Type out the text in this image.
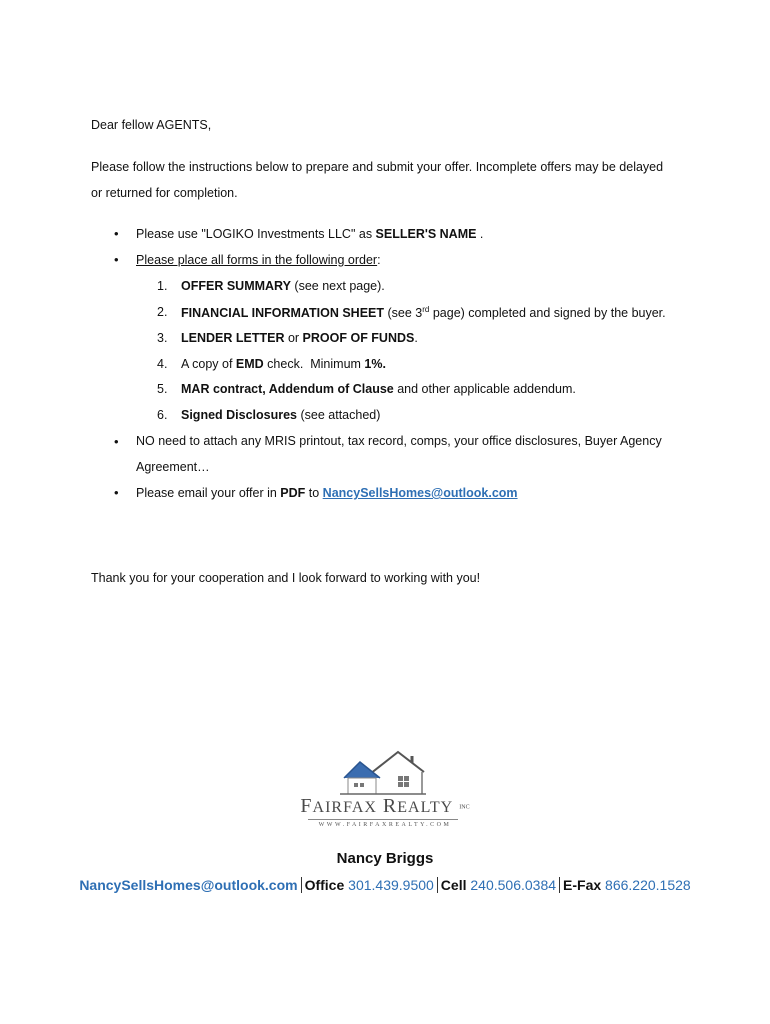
Dear fellow AGENTS,
Please follow the instructions below to prepare and submit your offer. Incomplete offers may be delayed
or returned for completion.
• Please use "LOGIKO Investments LLC" as SELLER'S NAME .
• Please place all forms in the following order:
1. OFFER SUMMARY (see next page).
2. FINANCIAL INFORMATION SHEET (see 3rd page) completed and signed by the buyer.
3. LENDER LETTER or PROOF OF FUNDS.
4. A copy of EMD check.  Minimum 1%.
5. MAR contract, Addendum of Clause and other applicable addendum.
6. Signed Disclosures (see attached)
• NO need to attach any MRIS printout, tax record, comps, your office disclosures, Buyer Agency
Agreement…
• Please email your offer in PDF to NancySellsHomes@outlook.com
Thank you for your cooperation and I look forward to working with you!
FAIRFAX REALTY INC
WWW.FAIRFAXREALTY.COM
Nancy Briggs
NancySellsHomes@outlook.com Office 301.439.9500 Cell 240.506.0384 E-Fax 866.220.1528
